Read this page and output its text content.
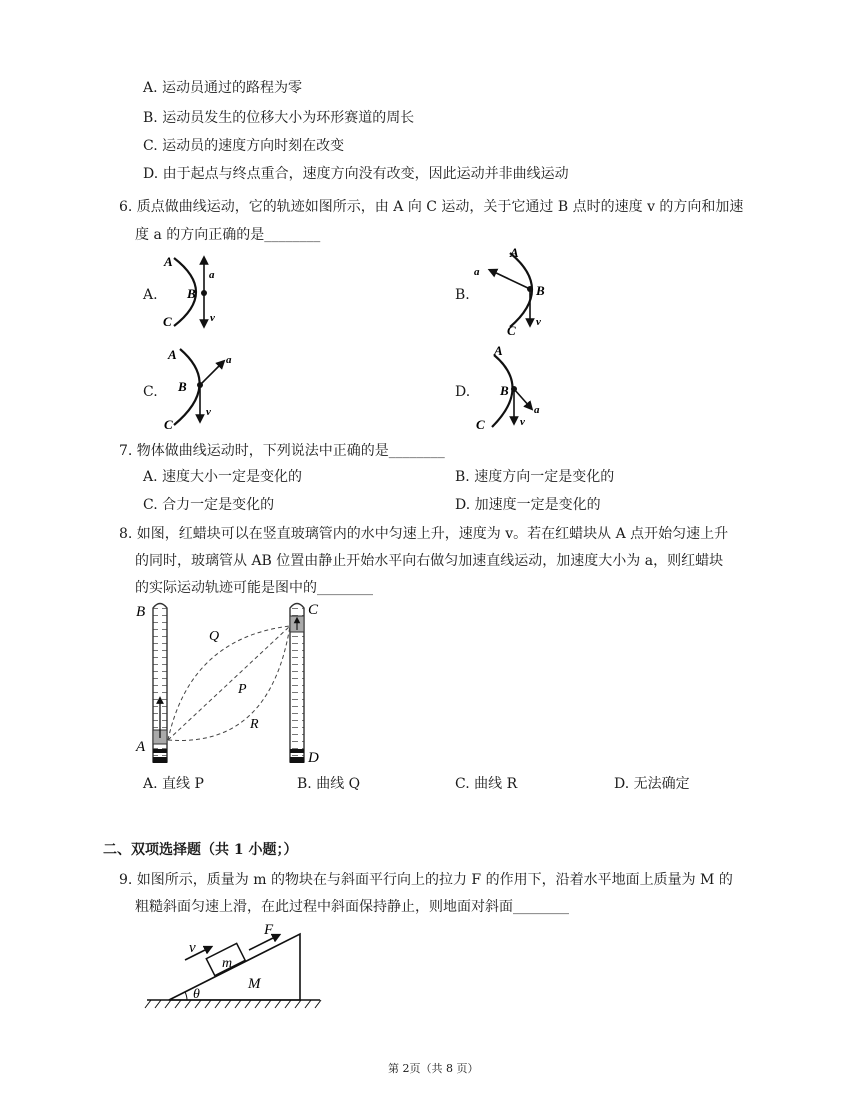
A. 运动员通过的路程为零
B. 运动员发生的位移大小为环形赛道的周长
C. 运动员的速度方向时刻在改变
D. 由于起点与终点重合，速度方向没有改变，因此运动并非曲线运动
6. 质点做曲线运动，它的轨迹如图所示，由 A 向 C 运动，关于它通过 B 点时的速度 v 的方向和加速
度 a 的方向正确的是________
A.	B.
C.	D.
A
B
C
a
v
A
B
C
a
v
A
B
C
a
v
A
B
C
a
v
7. 物体做曲线运动时，下列说法中正确的是________
A. 速度大小一定是变化的	B. 速度方向一定是变化的
C. 合力一定是变化的	D. 加速度一定是变化的
8. 如图，红蜡块可以在竖直玻璃管内的水中匀速上升，速度为 v。若在红蜡块从 A 点开始匀速上升
的同时，玻璃管从 AB 位置由静止开始水平向右做匀加速直线运动，加速度大小为 a，则红蜡块
的实际运动轨迹可能是图中的________
B
A
C
D
Q
P
R
A. 直线 P	B. 曲线 Q	C. 曲线 R	D. 无法确定
二、双项选择题（共 1 小题；）
9. 如图所示，质量为 m 的物块在与斜面平行向上的拉力 F 的作用下，沿着水平地面上质量为 M 的
粗糙斜面匀速上滑，在此过程中斜面保持静止，则地面对斜面________
v
F
m
M
θ
第 2页（共 8 页）
